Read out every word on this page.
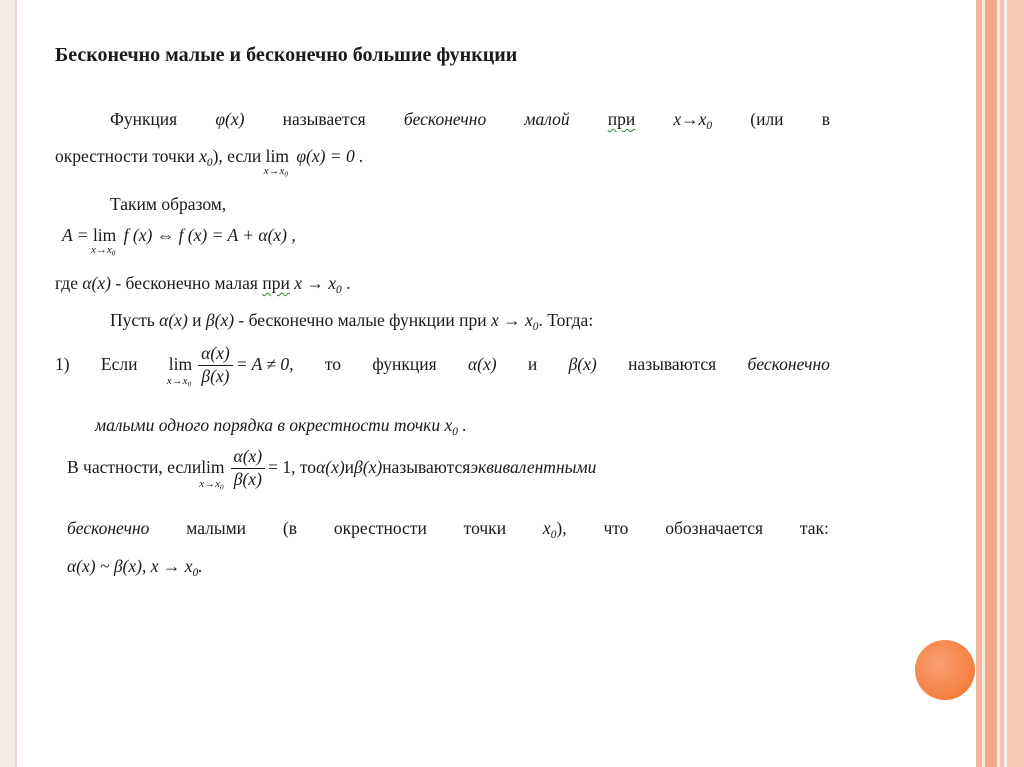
Бесконечно малые и бесконечно большие функции
Функция φ(x) называется бесконечно малой при $x\to x_0$ (или в
окрестности точки $x_0$), если lim
$x\to x_0$
φ(x) = 0 .
Таким образом,
A = lim
$x\to x_0$
f (x) ⇔ f (x) = A + α(x) ,
где α(x) - бесконечно малая при $x \to x_0$ .
Пусть α(x) и β(x) - бесконечно малые функции при $x \to x_0$. Тогда:
1) Если lim
$x\to x_0 \frac{\alpha(x)}{\beta(x)} = A \ne 0$, то функция α(x) и β(x) называются бесконечно
малыми одного порядка в окрестности точки $x_0$ .
В частности, если lim
$x\to x_0 \frac{\alpha(x)}{\beta(x)} = 1$, то α(x) и β(x) называются эквивалентными
бесконечно малыми (в окрестности точки $x_0$), что обозначается так:
α(x) ~ β(x), $x \to x_0$.
